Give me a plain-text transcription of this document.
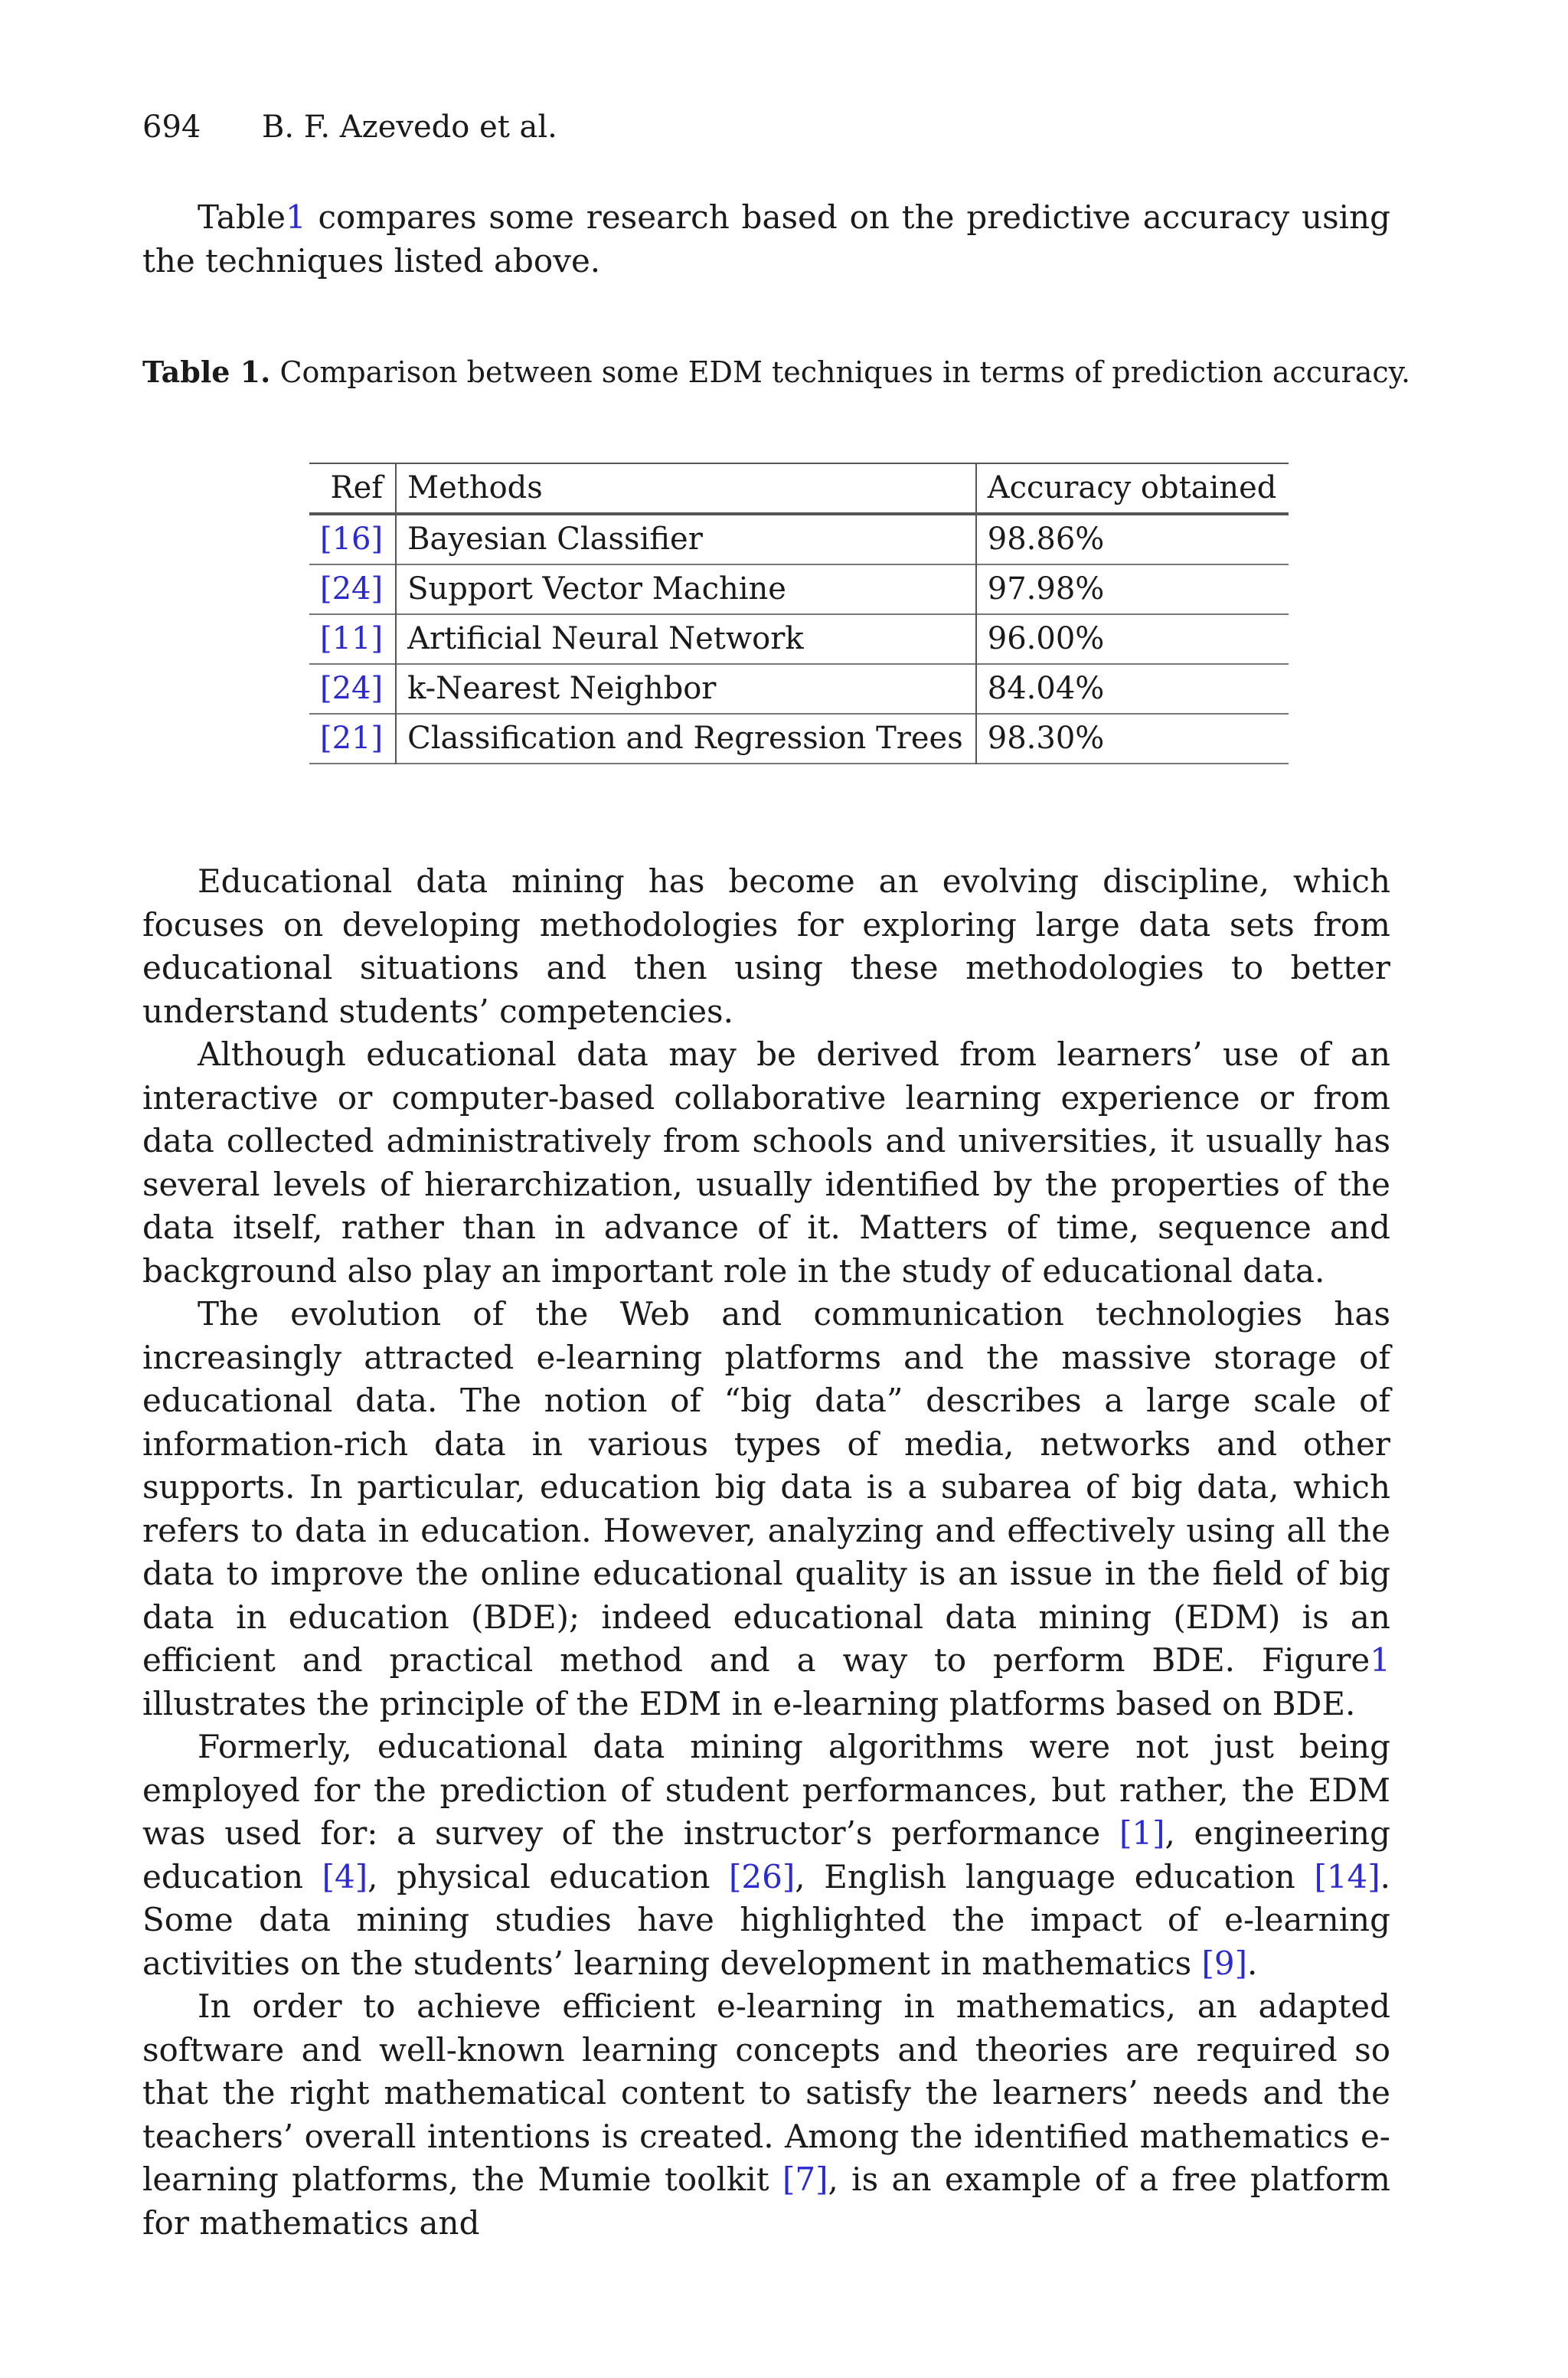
694 B. F. Azevedo et al.

Table1 compares some research based on the predictive accuracy using the techniques listed above.

Table 1. Comparison between some EDM techniques in terms of prediction accuracy.
Ref	Methods	Accuracy obtained
[16]	Bayesian Classifier	98.86%
[24]	Support Vector Machine	97.98%
[11]	Artificial Neural Network	96.00%
[24]	k-Nearest Neighbor	84.04%
[21]	Classification and Regression Trees	98.30%

Educational data mining has become an evolving discipline, which focuses on developing methodologies for exploring large data sets from educational situations and then using these methodologies to better understand students’ competencies.

Although educational data may be derived from learners’ use of an interactive or computer-based collaborative learning experience or from data collected administratively from schools and universities, it usually has several levels of hierarchization, usually identified by the properties of the data itself, rather than in advance of it. Matters of time, sequence and background also play an important role in the study of educational data.

The evolution of the Web and communication technologies has increasingly attracted e-learning platforms and the massive storage of educational data. The notion of “big data” describes a large scale of information-rich data in various types of media, networks and other supports. In particular, education big data is a subarea of big data, which refers to data in education. However, analyzing and effectively using all the data to improve the online educational quality is an issue in the field of big data in education (BDE); indeed educational data mining (EDM) is an efficient and practical method and a way to perform BDE. Figure1 illustrates the principle of the EDM in e-learning platforms based on BDE.

Formerly, educational data mining algorithms were not just being employed for the prediction of student performances, but rather, the EDM was used for: a survey of the instructor’s performance [1], engineering education [4], physical education [26], English language education [14]. Some data mining studies have highlighted the impact of e-learning activities on the students’ learning development in mathematics [9].

In order to achieve efficient e-learning in mathematics, an adapted software and well-known learning concepts and theories are required so that the right mathematical content to satisfy the learners’ needs and the teachers’ overall intentions is created. Among the identified mathematics e-learning platforms, the Mumie toolkit [7], is an example of a free platform for mathematics and
